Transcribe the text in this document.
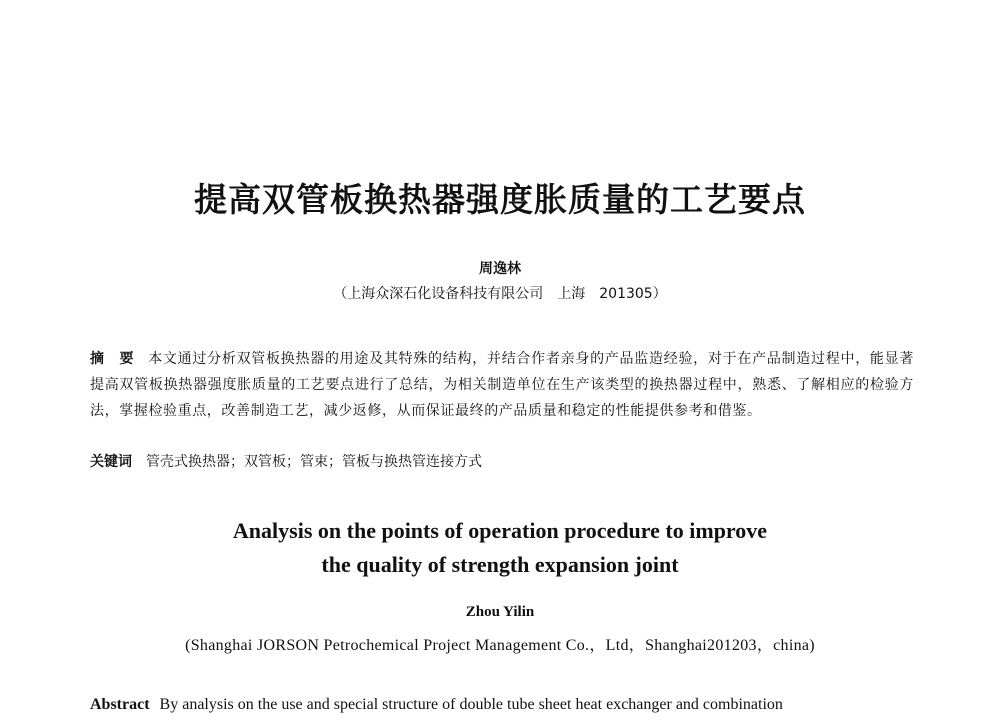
提高双管板换热器强度胀质量的工艺要点
周逸林
（上海众深石化设备科技有限公司　上海　201305）
摘　要 本文通过分析双管板换热器的用途及其特殊的结构，并结合作者亲身的产品监造经验，对于在产品制造过程中，能显著提高双管板换热器强度胀质量的工艺要点进行了总结，为相关制造单位在生产该类型的换热器过程中，熟悉、了解相应的检验方法，掌握检验重点，改善制造工艺，减少返修，从而保证最终的产品质量和稳定的性能提供参考和借鉴。
关键词 管壳式换热器；双管板；管束；管板与换热管连接方式
Analysis on the points of operation procedure to improve
the quality of strength expansion joint
Zhou Yilin
(Shanghai JORSON Petrochemical Project Management Co.，Ltd，Shanghai201203，china)
Abstract By analysis on the use and special structure of double tube sheet heat exchanger and combination
